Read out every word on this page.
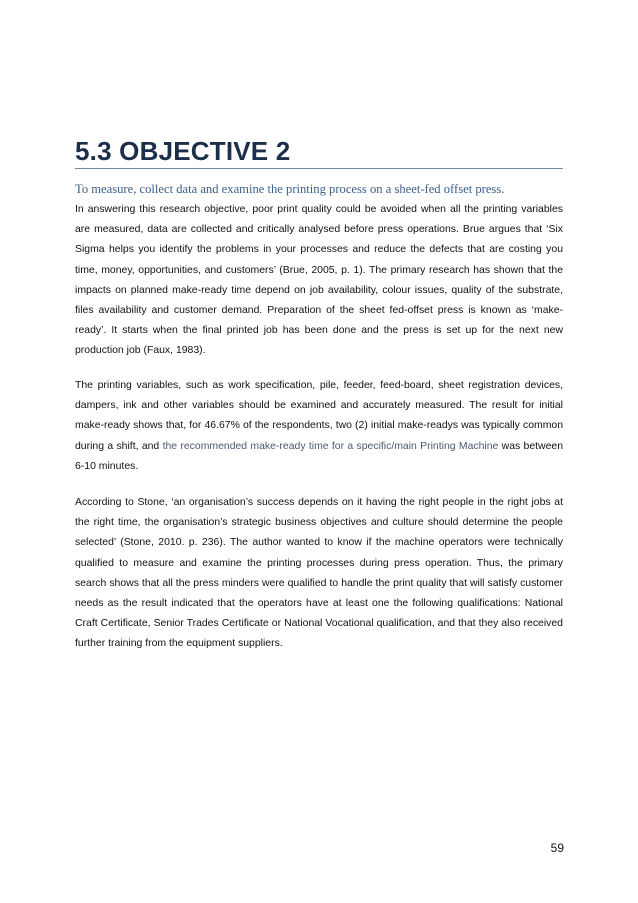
5.3 OBJECTIVE 2
To measure, collect data and examine the printing process on a sheet-fed offset press.

In answering this research objective, poor print quality could be avoided when all the printing variables are measured, data are collected and critically analysed before press operations. Brue argues that ‘Six Sigma helps you identify the problems in your processes and reduce the defects that are costing you time, money, opportunities, and customers’ (Brue, 2005, p. 1). The primary research has shown that the impacts on planned make-ready time depend on job availability, colour issues, quality of the substrate, files availability and customer demand. Preparation of the sheet fed-offset press is known as ‘make-ready’. It starts when the final printed job has been done and the press is set up for the next new production job (Faux, 1983).

The printing variables, such as work specification, pile, feeder, feed-board, sheet registration devices, dampers, ink and other variables should be examined and accurately measured. The result for initial make-ready shows that, for 46.67% of the respondents, two (2) initial make-readys was typically common during a shift, and the recommended make-ready time for a specific/main Printing Machine was between 6-10 minutes.

According to Stone, ‘an organisation’s success depends on it having the right people in the right jobs at the right time, the organisation’s strategic business objectives and culture should determine the people selected’ (Stone, 2010. p. 236). The author wanted to know if the machine operators were technically qualified to measure and examine the printing processes during press operation. Thus, the primary search shows that all the press minders were qualified to handle the print quality that will satisfy customer needs as the result indicated that the operators have at least one the following qualifications: National Craft Certificate, Senior Trades Certificate or National Vocational qualification, and that they also received further training from the equipment suppliers.

59
